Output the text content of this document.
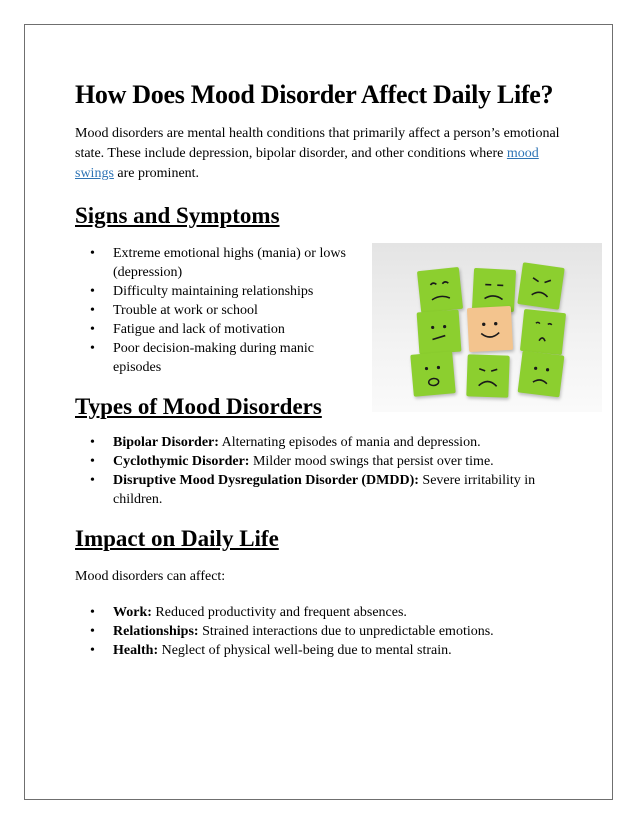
How Does Mood Disorder Affect Daily Life?

Mood disorders are mental health conditions that primarily affect a person’s emotional state. These include depression, bipolar disorder, and other conditions where mood swings are prominent.

Signs and Symptoms
• Extreme emotional highs (mania) or lows (depression)
• Difficulty maintaining relationships
• Trouble at work or school
• Fatigue and lack of motivation
• Poor decision-making during manic episodes
Types of Mood Disorders
• Bipolar Disorder: Alternating episodes of mania and depression.
• Cyclothymic Disorder: Milder mood swings that persist over time.
• Disruptive Mood Dysregulation Disorder (DMDD): Severe irritability in children.
Impact on Daily Life

Mood disorders can affect:

• Work: Reduced productivity and frequent absences.
• Relationships: Strained interactions due to unpredictable emotions.
• Health: Neglect of physical well-being due to mental strain.
